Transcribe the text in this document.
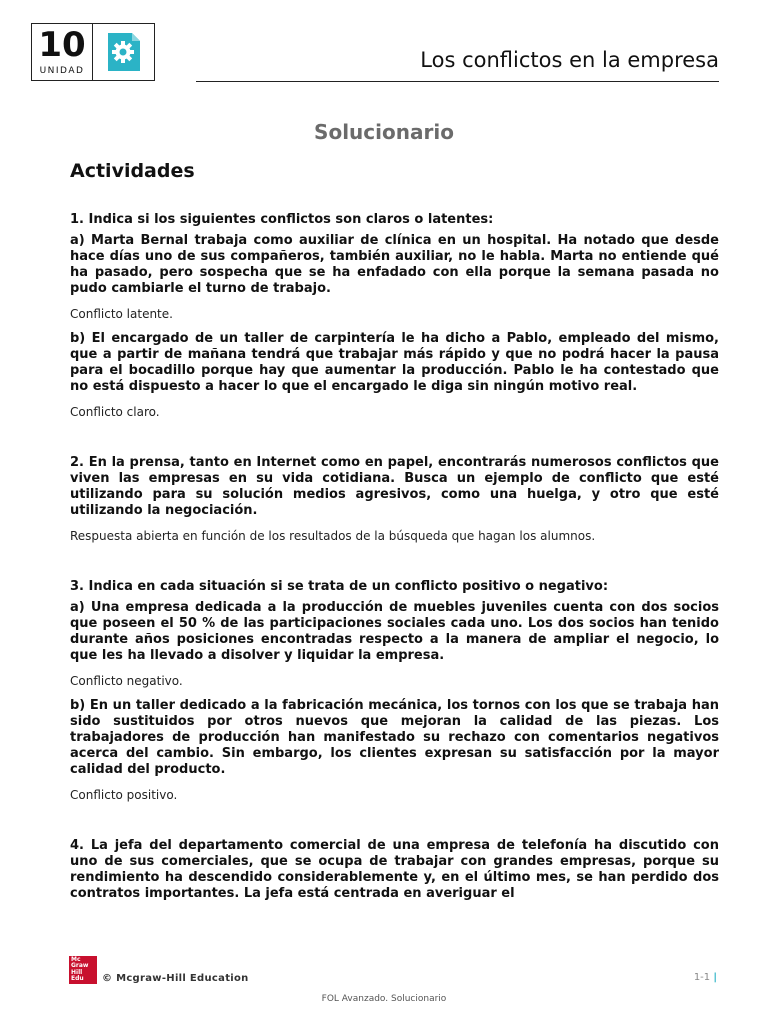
10
UNIDAD	Los conflictos en la empresa
Solucionario
Actividades

1. Indica si los siguientes conflictos son claros o latentes:

a) Marta Bernal trabaja como auxiliar de clínica en un hospital. Ha notado que desde hace días uno de sus compañeros, también auxiliar, no le habla. Marta no entiende qué ha pasado, pero sospecha que se ha enfadado con ella porque la semana pasada no pudo cambiarle el turno de trabajo.

Conflicto latente.

b) El encargado de un taller de carpintería le ha dicho a Pablo, empleado del mismo, que a partir de mañana tendrá que trabajar más rápido y que no podrá hacer la pausa para el bocadillo porque hay que aumentar la producción. Pablo le ha contestado que no está dispuesto a hacer lo que el encargado le diga sin ningún motivo real.

Conflicto claro.

2. En la prensa, tanto en Internet como en papel, encontrarás numerosos conflictos que viven las empresas en su vida cotidiana. Busca un ejemplo de conflicto que esté utilizando para su solución medios agresivos, como una huelga, y otro que esté utilizando la negociación.

Respuesta abierta en función de los resultados de la búsqueda que hagan los alumnos.

3. Indica en cada situación si se trata de un conflicto positivo o negativo:

a) Una empresa dedicada a la producción de muebles juveniles cuenta con dos socios que poseen el 50 % de las participaciones sociales cada uno. Los dos socios han tenido durante años posiciones encontradas respecto a la manera de ampliar el negocio, lo que les ha llevado a disolver y liquidar la empresa.

Conflicto negativo.

b) En un taller dedicado a la fabricación mecánica, los tornos con los que se trabaja han sido sustituidos por otros nuevos que mejoran la calidad de las piezas. Los trabajadores de producción han manifestado su rechazo con comentarios negativos acerca del cambio. Sin embargo, los clientes expresan su satisfacción por la mayor calidad del producto.

Conflicto positivo.

4. La jefa del departamento comercial de una empresa de telefonía ha discutido con uno de sus comerciales, que se ocupa de trabajar con grandes empresas, porque su rendimiento ha descendido considerablemente y, en el último mes, se han perdido dos contratos importantes. La jefa está centrada en averiguar el

Mc
Graw
Hill
Edu	© Mcgraw-Hill Education	1-1 |
FOL Avanzado. Solucionario
